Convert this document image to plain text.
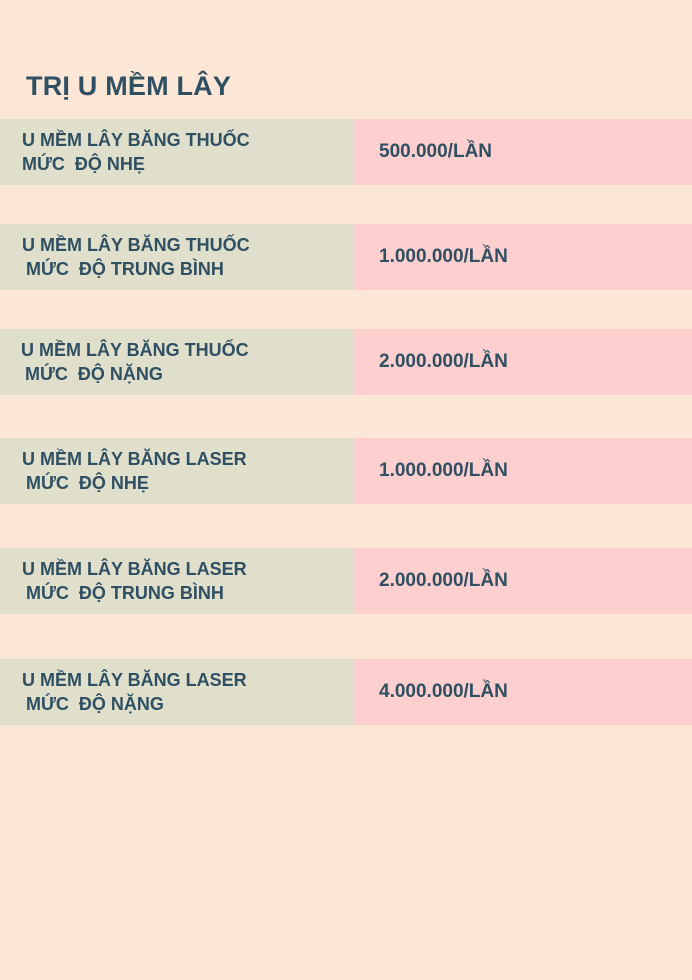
TRỊ U MỀM LÂY
U MỀM LÂY BĂNG THUỐC
MỨC  ĐỘ NHẸ
500.000/LẦN
U MỀM LÂY BĂNG THUỐC
MỨC  ĐỘ TRUNG BÌNH
1.000.000/LẦN
U MỀM LÂY BĂNG THUỐC
MỨC  ĐỘ NẶNG
2.000.000/LẦN
U MỀM LÂY BĂNG LASER
MỨC  ĐỘ NHẸ
1.000.000/LẦN
U MỀM LÂY BĂNG LASER
MỨC  ĐỘ TRUNG BÌNH
2.000.000/LẦN
U MỀM LÂY BĂNG LASER
MỨC  ĐỘ NẶNG
4.000.000/LẦN
